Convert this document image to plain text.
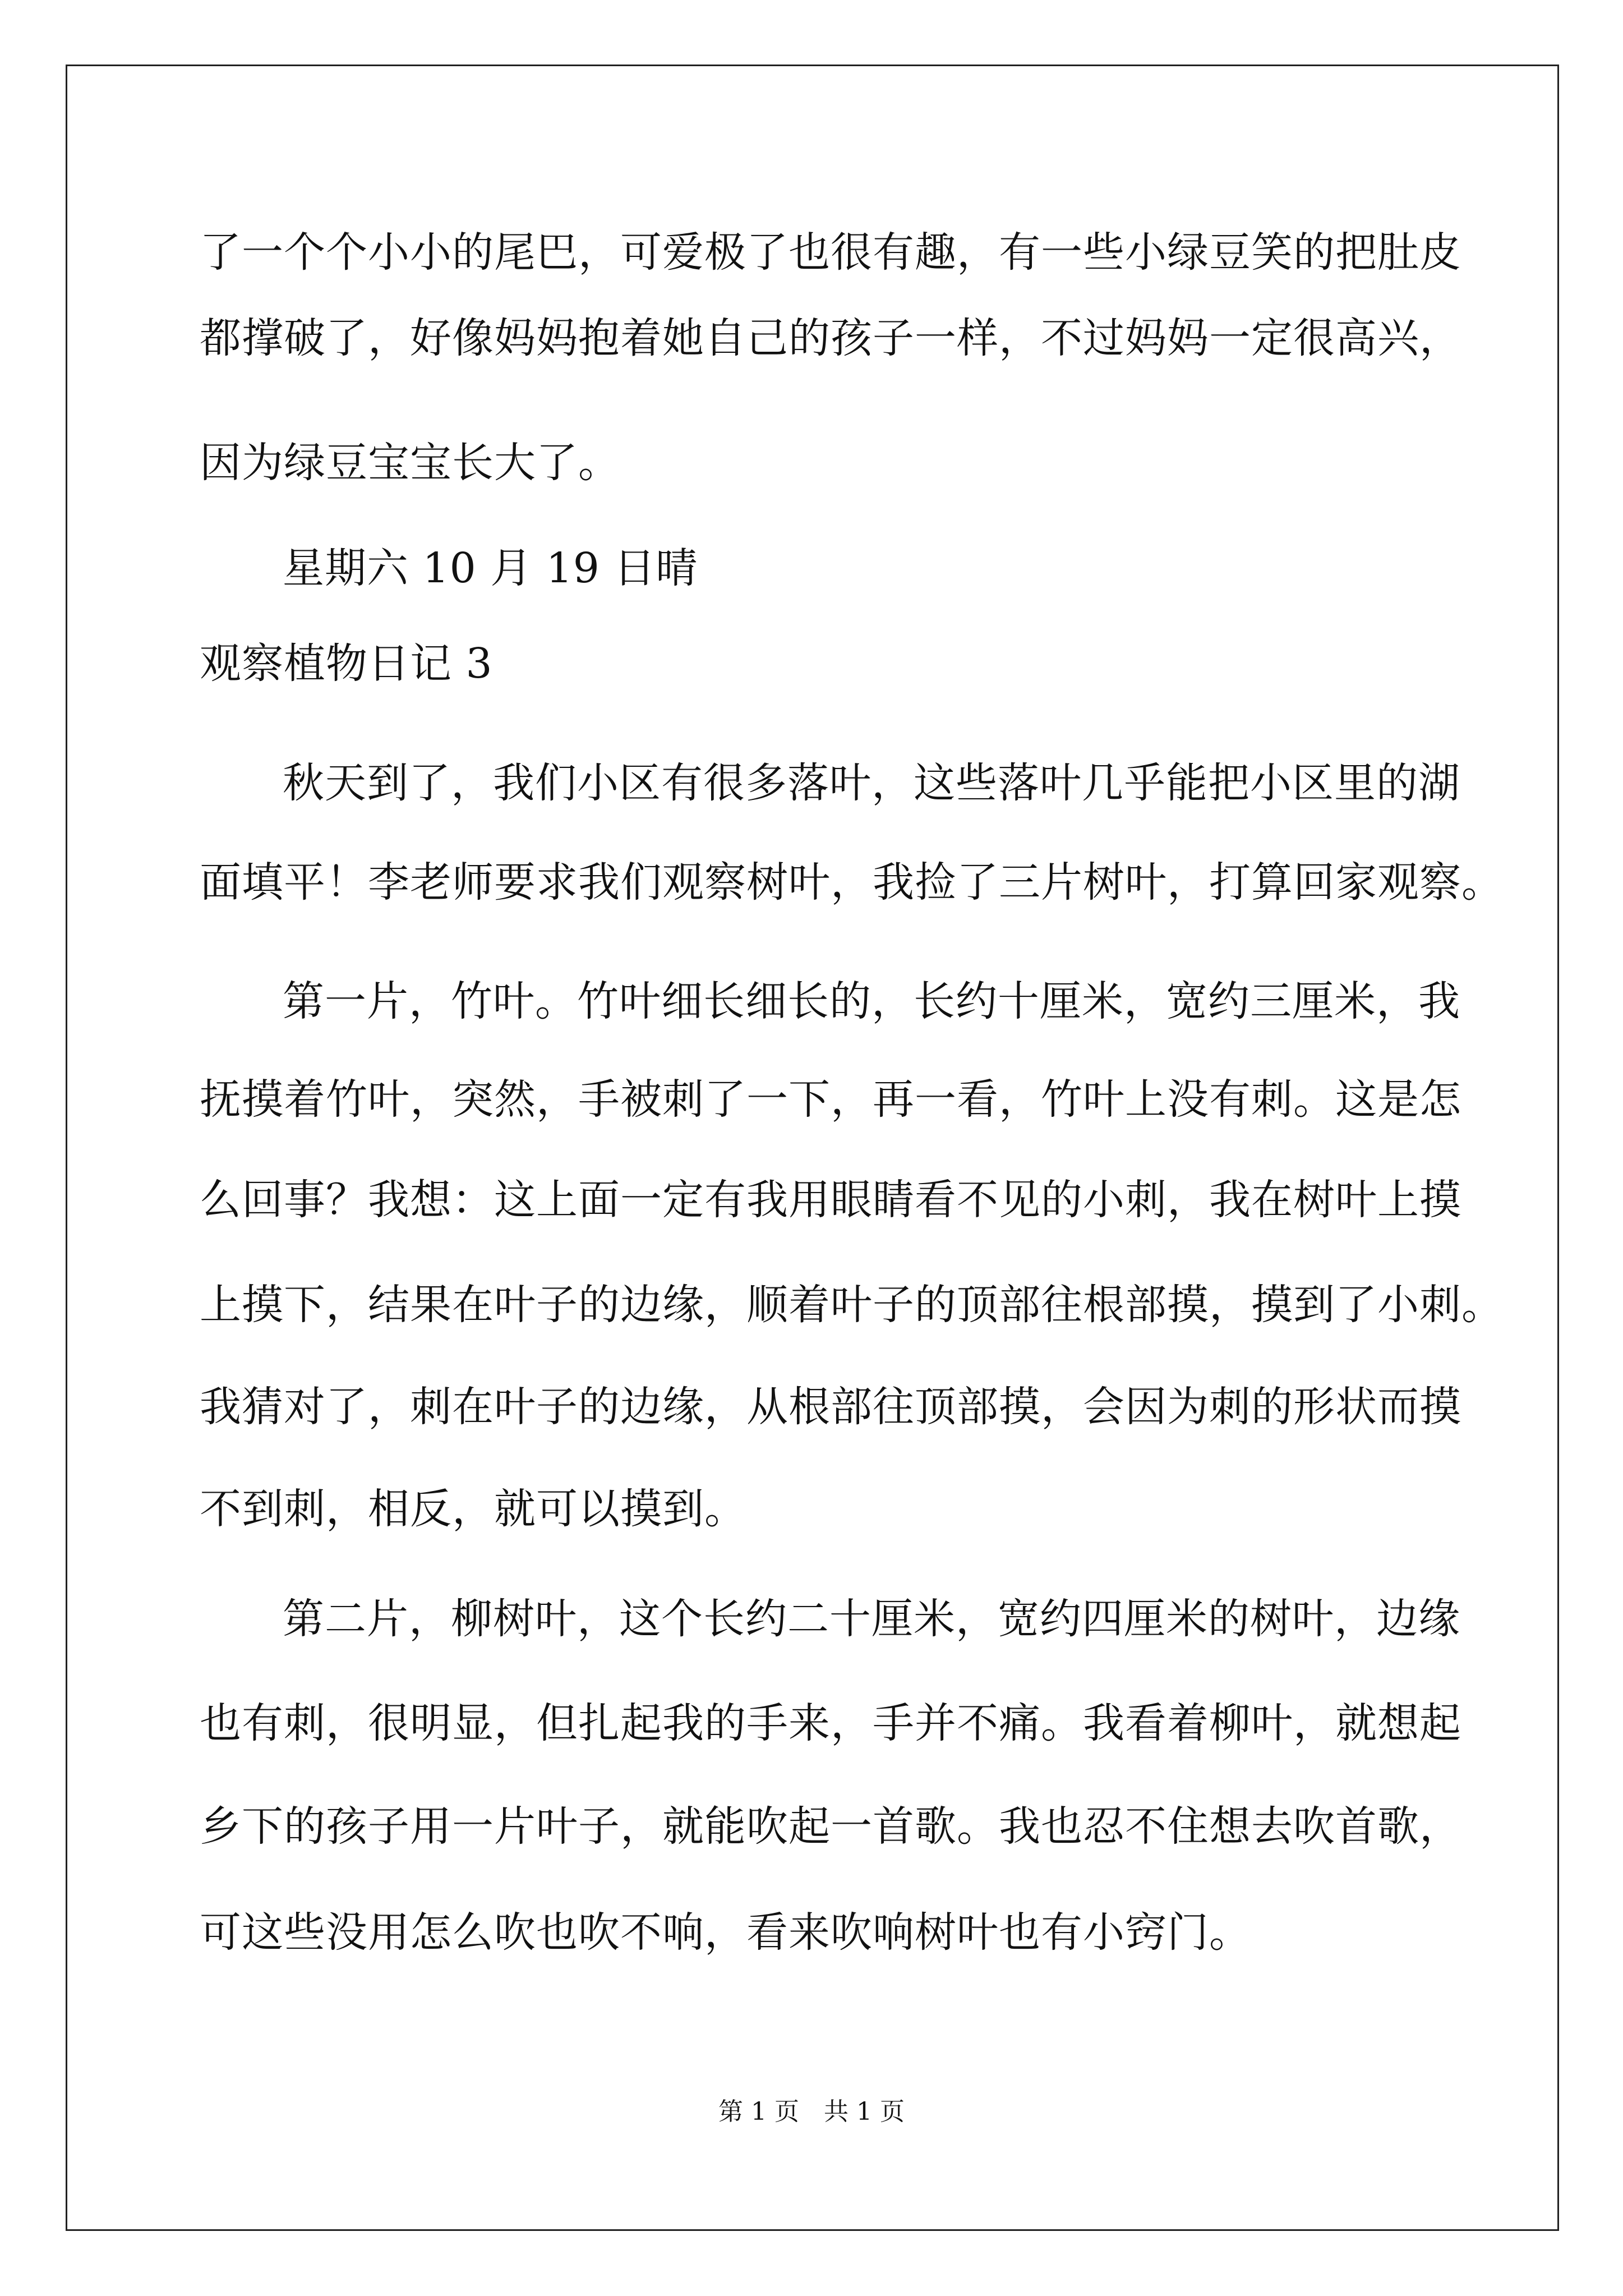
了一个个小小的尾巴，可爱极了也很有趣，有一些小绿豆笑的把肚皮
都撑破了，好像妈妈抱着她自己的孩子一样，不过妈妈一定很高兴，
因为绿豆宝宝长大了。
星期六 10 月 19 日晴
观察植物日记 3
秋天到了，我们小区有很多落叶，这些落叶几乎能把小区里的湖
面填平！李老师要求我们观察树叶，我捡了三片树叶，打算回家观察。
第一片，竹叶。竹叶细长细长的，长约十厘米，宽约三厘米，我
抚摸着竹叶，突然，手被刺了一下，再一看，竹叶上没有刺。这是怎
么回事？我想：这上面一定有我用眼睛看不见的小刺，我在树叶上摸
上摸下，结果在叶子的边缘，顺着叶子的顶部往根部摸，摸到了小刺。
我猜对了，刺在叶子的边缘，从根部往顶部摸，会因为刺的形状而摸
不到刺，相反，就可以摸到。
第二片，柳树叶，这个长约二十厘米，宽约四厘米的树叶，边缘
也有刺，很明显，但扎起我的手来，手并不痛。我看着柳叶，就想起
乡下的孩子用一片叶子，就能吹起一首歌。我也忍不住想去吹首歌，
可这些没用怎么吹也吹不响，看来吹响树叶也有小窍门。
第 1 页　共 1 页
